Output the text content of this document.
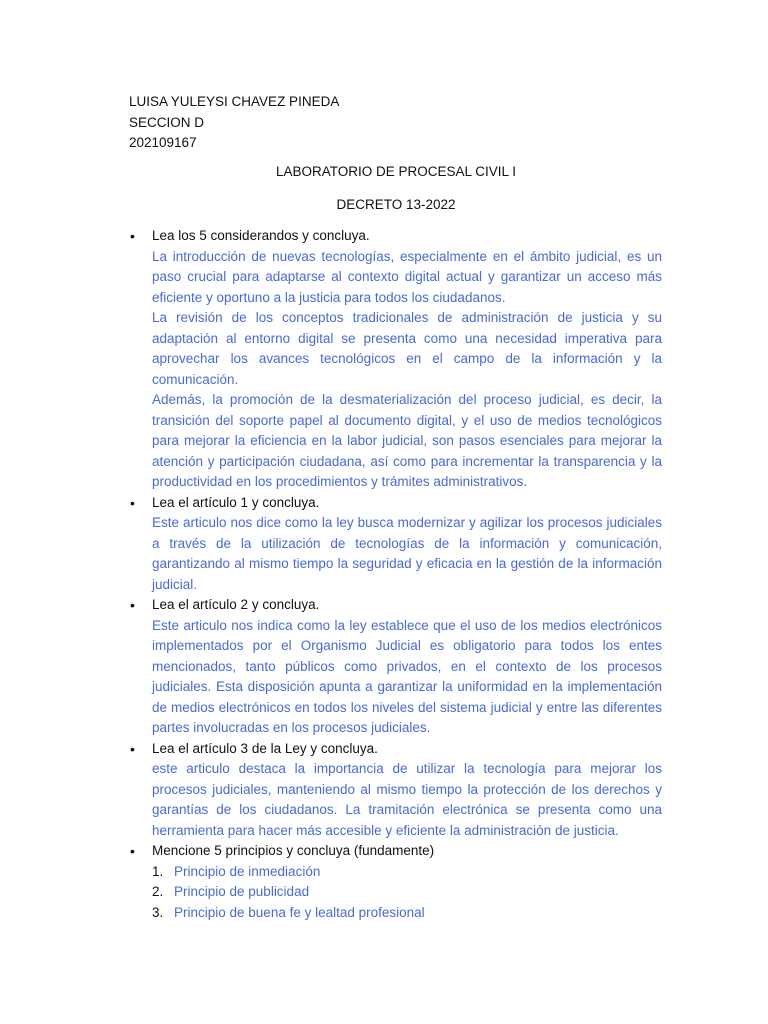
LUISA YULEYSI CHAVEZ PINEDA
SECCION D
202109167
LABORATORIO DE PROCESAL CIVIL I
DECRETO 13-2022
• Lea los 5 considerandos y concluya.

La introducción de nuevas tecnologías, especialmente en el ámbito judicial, es un paso crucial para adaptarse al contexto digital actual y garantizar un acceso más eficiente y oportuno a la justicia para todos los ciudadanos.

La revisión de los conceptos tradicionales de administración de justicia y su adaptación al entorno digital se presenta como una necesidad imperativa para aprovechar los avances tecnológicos en el campo de la información y la comunicación.

Además, la promoción de la desmaterialización del proceso judicial, es decir, la transición del soporte papel al documento digital, y el uso de medios tecnológicos para mejorar la eficiencia en la labor judicial, son pasos esenciales para mejorar la atención y participación ciudadana, así como para incrementar la transparencia y la productividad en los procedimientos y trámites administrativos.

• Lea el artículo 1 y concluya.

Este articulo nos dice como la ley busca modernizar y agilizar los procesos judiciales a través de la utilización de tecnologías de la información y comunicación, garantizando al mismo tiempo la seguridad y eficacia en la gestión de la información judicial.

• Lea el artículo 2 y concluya.

Este articulo nos indica como la ley establece que el uso de los medios electrónicos implementados por el Organismo Judicial es obligatorio para todos los entes mencionados, tanto públicos como privados, en el contexto de los procesos judiciales. Esta disposición apunta a garantizar la uniformidad en la implementación de medios electrónicos en todos los niveles del sistema judicial y entre las diferentes partes involucradas en los procesos judiciales.

• Lea el artículo 3 de la Ley y concluya.

este articulo destaca la importancia de utilizar la tecnología para mejorar los procesos judiciales, manteniendo al mismo tiempo la protección de los derechos y garantías de los ciudadanos. La tramitación electrónica se presenta como una herramienta para hacer más accesible y eficiente la administración de justicia.

• Mencione 5 principios y concluya (fundamente)
1. Principio de inmediación
2. Principio de publicidad
3. Principio de buena fe y lealtad profesional
